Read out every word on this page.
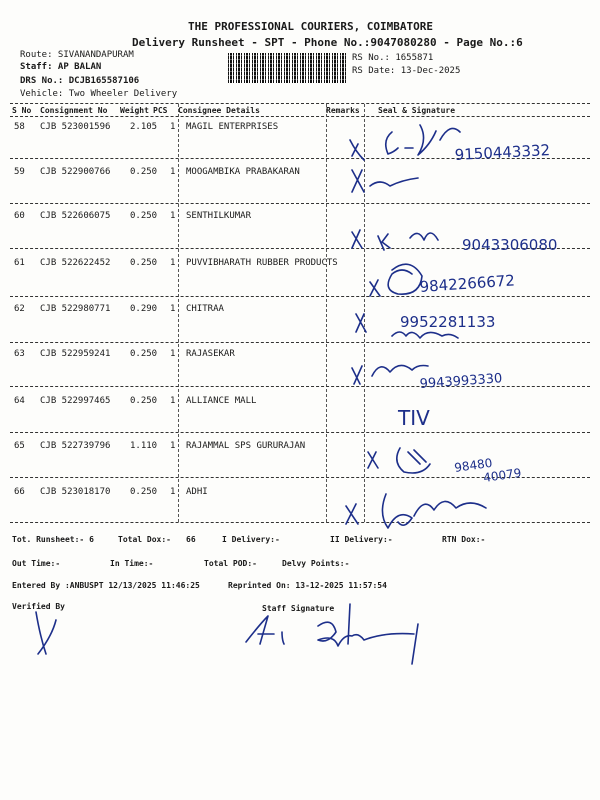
THE PROFESSIONAL COURIERS, COIMBATORE
Delivery Runsheet - SPT - Phone No.:9047080280 - Page No.:6
Route: SIVANANDAPURAM
Staff: AP BALAN
DRS No.: DCJB165587106
Vehicle: Two Wheeler Delivery
RS No.: 1655871
RS Date: 13-Dec-2025
S No Consignment No Weight PCS Consignee Details	Remarks Seal & Signature
58 CJB 523001596 2.105 1 MAGIL ENTERPRISES
59 CJB 522900766 0.250 1 MOOGAMBIKA PRABAKARAN
60 CJB 522606075 0.250 1 SENTHILKUMAR
61 CJB 522622452 0.250 1 PUVVIBHARATH RUBBER PRODUCTS
62 CJB 522980771 0.290 1 CHITRAA
63 CJB 522959241 0.250 1 RAJASEKAR
64 CJB 522997465 0.250 1 ALLIANCE MALL
65 CJB 522739796 1.110 1 RAJAMMAL SPS GURURAJAN
66 CJB 523018170 0.250 1 ADHI
Tot. Runsheet:- 6	Total Dox:- 66	I Delivery:-	II Delivery:-	RTN Dox:-
Out Time:-	In Time:-	Total POD:-	Delvy Points:-
Entered By :ANBUSPT 12/13/2025 11:46:25	Reprinted On: 13-12-2025 11:57:54
Verified By	Staff Signature
9150443332
9043306080
9842266672
9952281133
9943993330
TIV
98480
40079
